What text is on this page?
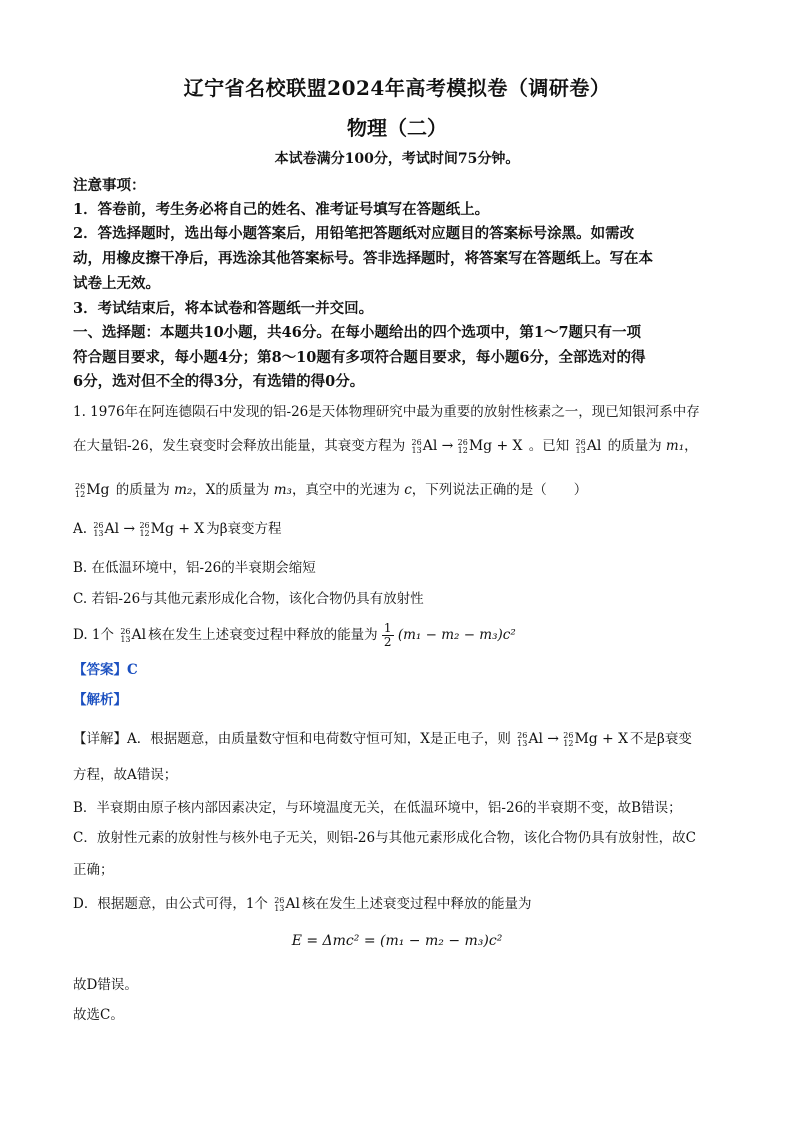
辽宁省名校联盟2024年高考模拟卷（调研卷）
物理（二）
本试卷满分100分，考试时间75分钟。
注意事项：
1．答卷前，考生务必将自己的姓名、准考证号填写在答题纸上。
2．答选择题时，选出每小题答案后，用铅笔把答题纸对应题目的答案标号涂黑。如需改
动，用橡皮擦干净后，再选涂其他答案标号。答非选择题时，将答案写在答题纸上。写在本
试卷上无效。
3．考试结束后，将本试卷和答题纸一并交回。
一、选择题：本题共10小题，共46分。在每小题给出的四个选项中，第1～7题只有一项
符合题目要求，每小题4分；第8～10题有多项符合题目要求，每小题6分，全部选对的得
6分，选对但不全的得3分，有选错的得0分。
1. 1976年在阿连德陨石中发现的铝-26是天体物理研究中最为重要的放射性核素之一，现已知银河系中存
在大量铝-26，发生衰变时会释放出能量，其衰变方程为 26
13 Al → 26
12 Mg + X 。已知 26
13 Al 的质量为 m₁，
26
12 Mg 的质量为 m₂，X的质量为 m₃，真空中的光速为 c，下列说法正确的是（　　）
A. 26
13 Al → 26
12 Mg + X 为β衰变方程
B. 在低温环境中，铝-26的半衰期会缩短
C. 若铝-26与其他元素形成化合物，该化合物仍具有放射性
D. 1个 26
13 Al 核在发生上述衰变过程中释放的能量为 $\frac{1}{2} (m_1 - m_2 - m_3)c^2$
【答案】C
【解析】
【详解】A．根据题意，由质量数守恒和电荷数守恒可知，X是正电子，则 26
13 Al → 26
12 Mg + X 不是β衰变
方程，故A错误；
B．半衰期由原子核内部因素决定，与环境温度无关，在低温环境中，铝-26的半衰期不变，故B错误；
C．放射性元素的放射性与核外电子无关，则铝-26与其他元素形成化合物，该化合物仍具有放射性，故C
正确；
D．根据题意，由公式可得，1个 26
13 Al 核在发生上述衰变过程中释放的能量为
E = Δmc² = (m₁ − m₂ − m₃)c²
故D错误。
故选C。
